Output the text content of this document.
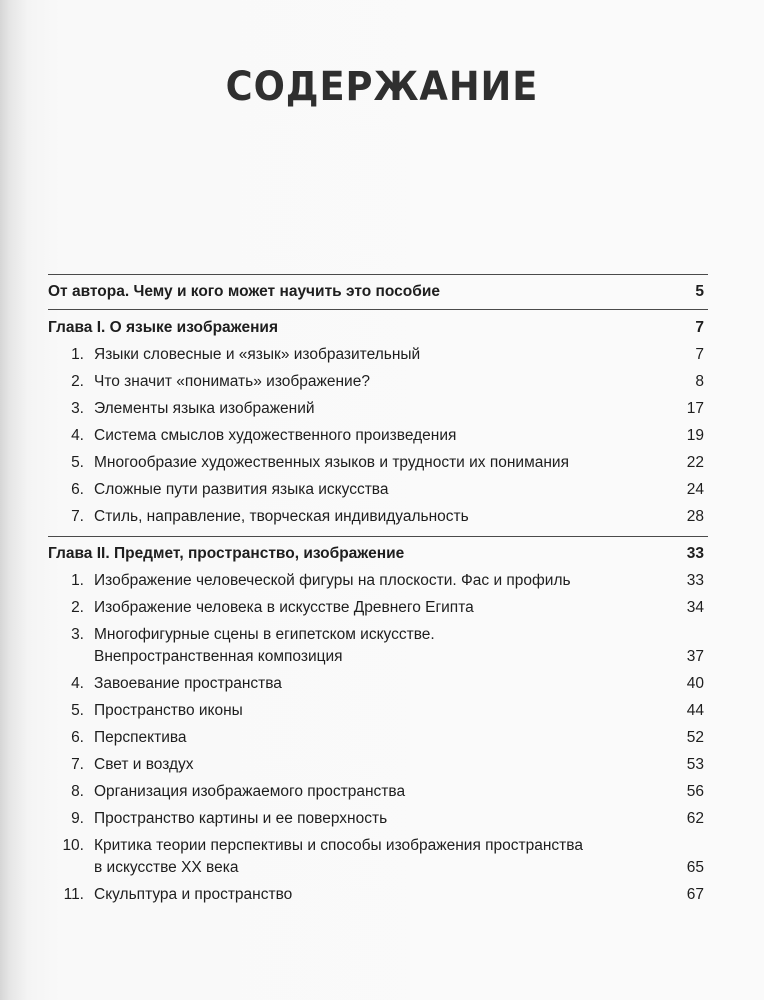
СОДЕРЖАНИЕ
От автора. Чему и кого может научить это пособие	5
Глава I. О языке изображения	7
1. Языки словесные и «язык» изобразительный	7
2. Что значит «понимать» изображение?	8
3. Элементы языка изображений	17
4. Система смыслов художественного произведения	19
5. Многообразие художественных языков и трудности их понимания	22
6. Сложные пути развития языка искусства	24
7. Стиль, направление, творческая индивидуальность	28
Глава II. Предмет, пространство, изображение	33
1. Изображение человеческой фигуры на плоскости. Фас и профиль	33
2. Изображение человека в искусстве Древнего Египта	34
3. Многофигурные сцены в египетском искусстве.
Внепространственная композиция	37
4. Завоевание пространства	40
5. Пространство иконы	44
6. Перспектива	52
7. Свет и воздух	53
8. Организация изображаемого пространства	56
9. Пространство картины и ее поверхность	62
10. Критика теории перспективы и способы изображения пространства
в искусстве XX века	65
11. Скульптура и пространство	67
